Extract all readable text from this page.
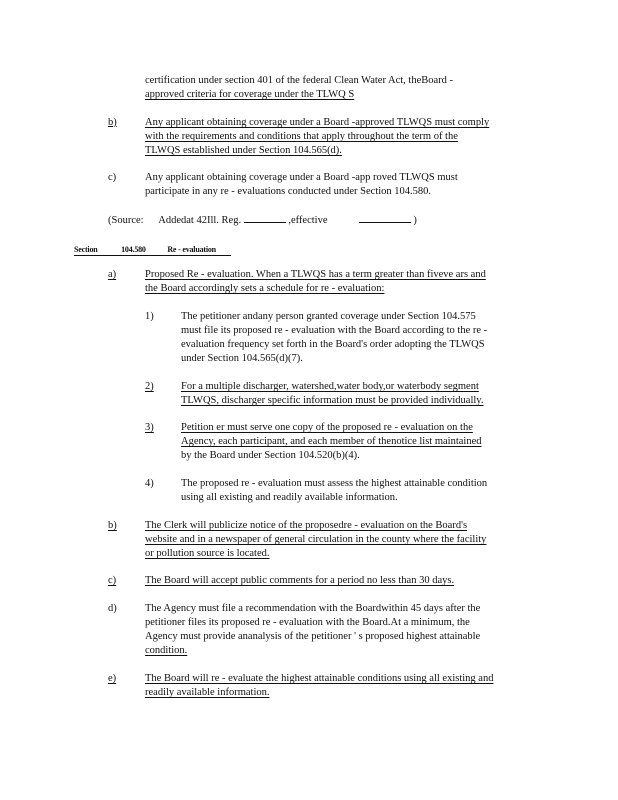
certification under section 401 of the federal Clean Water Act, theBoard -
approved criteria for coverage under the TLWQ S
b)	Any applicant obtaining coverage under a Board -approved TLWQS must comply
with the requirements and conditions that apply throughout the term of the
TLWQS established under Section 104.565(d).
c)	Any applicant obtaining coverage under a Board -app roved TLWQS must
participate in any re - evaluations conducted under Section 104.580.
(Source: Addedat 42Ill. Reg.	,effective	)
Section	104.580	Re - evaluation
a)	Proposed Re - evaluation. When a TLWQS has a term greater than fiveve ars and
the Board accordingly sets a schedule for re - evaluation:
1)	The petitioner andany person granted coverage under Section 104.575
must file its proposed re - evaluation with the Board according to the re -
evaluation frequency set forth in the Board's order adopting the TLWQS
under Section 104.565(d)(7).
2)	For a multiple discharger, watershed,water body,or waterbody segment
TLWQS, discharger specific information must be provided individually.
3)	Petition er must serve one copy of the proposed re - evaluation on the
Agency, each participant, and each member of thenotice list maintained
by the Board under Section 104.520(b)(4).
4)	The proposed re - evaluation must assess the highest attainable condition
using all existing and readily available information.
b)	The Clerk will publicize notice of the proposedre - evaluation on the Board's
website and in a newspaper of general circulation in the county where the facility
or pollution source is located.
c)	The Board will accept public comments for a period no less than 30 days.
d)	The Agency must file a recommendation with the Boardwithin 45 days after the
petitioner files its proposed re - evaluation with the Board.At a minimum, the
Agency must provide ananalysis of the petitioner ' s proposed highest attainable
condition.
e)	The Board will re - evaluate the highest attainable conditions using all existing and
readily available information.
